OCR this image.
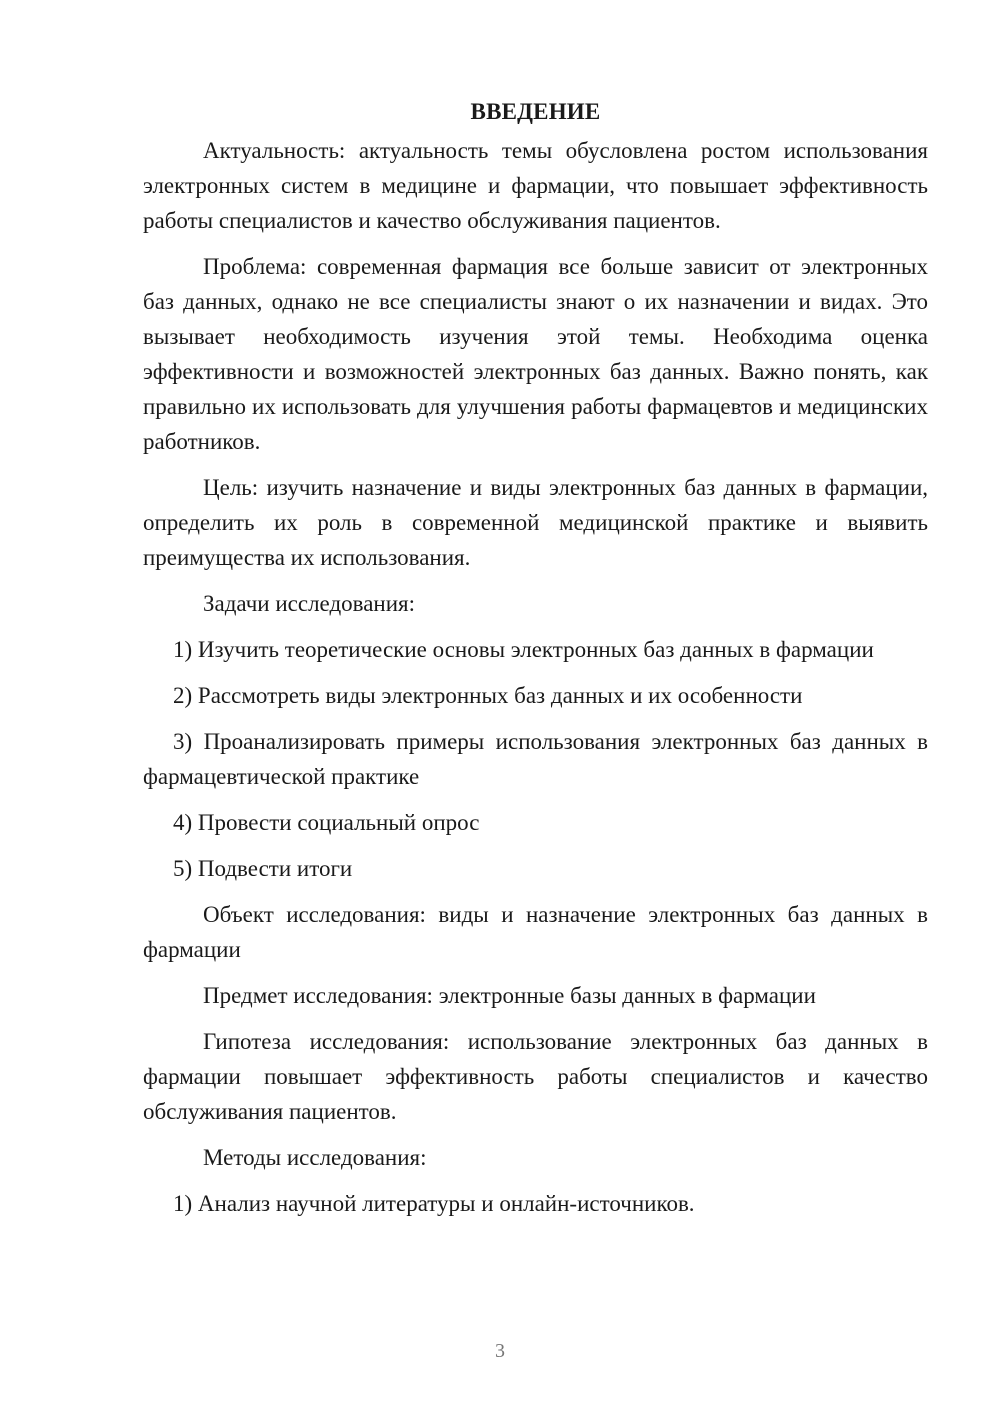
ВВЕДЕНИЕ

Актуальность: актуальность темы обусловлена ростом использования электронных систем в медицине и фармации, что повышает эффективность работы специалистов и качество обслуживания пациентов.

Проблема: современная фармация все больше зависит от электронных баз данных, однако не все специалисты знают о их назначении и видах. Это вызывает необходимость изучения этой темы. Необходима оценка эффективности и возможностей электронных баз данных. Важно понять, как правильно их использовать для улучшения работы фармацевтов и медицинских работников.

Цель: изучить назначение и виды электронных баз данных в фармации, определить их роль в современной медицинской практике и выявить преимущества их использования.

Задачи исследования:

1) Изучить теоретические основы электронных баз данных в фармации

2) Рассмотреть виды электронных баз данных и их особенности

3) Проанализировать примеры использования электронных баз данных в фармацевтической практике

4) Провести социальный опрос

5) Подвести итоги

Объект исследования: виды и назначение электронных баз данных в фармации

Предмет исследования: электронные базы данных в фармации

Гипотеза исследования: использование электронных баз данных в фармации повышает эффективность работы специалистов и качество обслуживания пациентов.

Методы исследования:

1) Анализ научной литературы и онлайн-источников.

3
